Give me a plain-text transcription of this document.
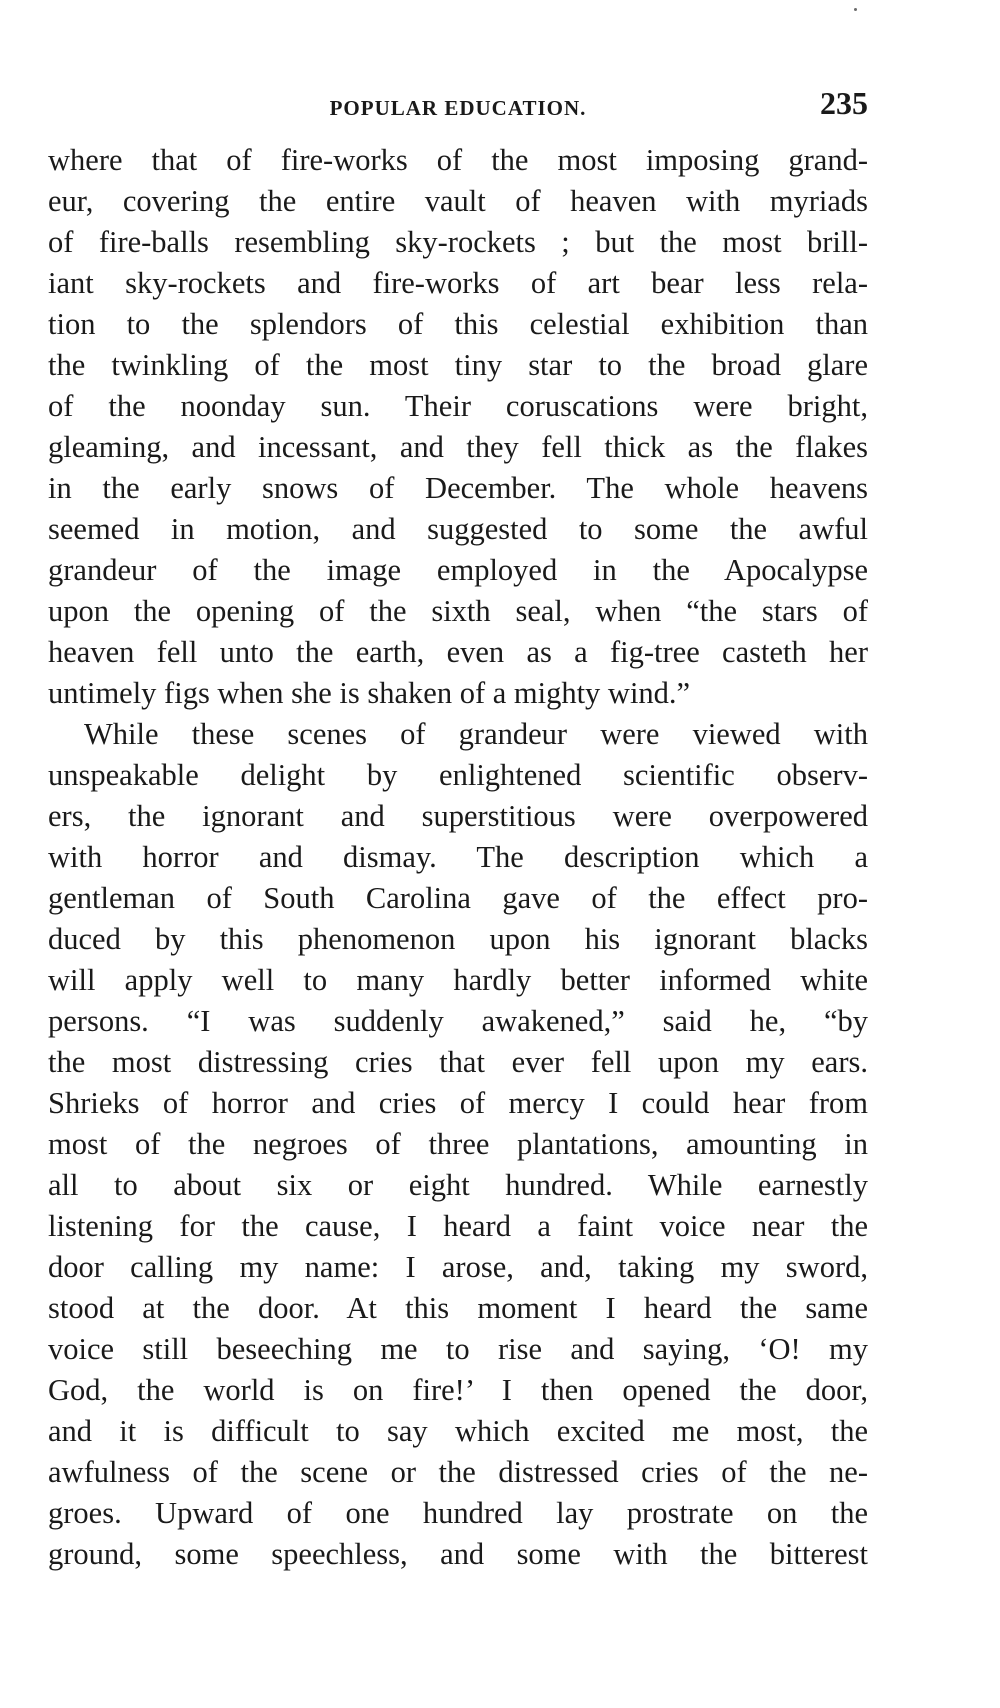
POPULAR EDUCATION.	235
where that of fire-works of the most imposing grand-
eur, covering the entire vault of heaven with myriads
of fire-balls resembling sky-rockets ; but the most brill-
iant sky-rockets and fire-works of art bear less rela-
tion to the splendors of this celestial exhibition than
the twinkling of the most tiny star to the broad glare
of the noonday sun. Their coruscations were bright,
gleaming, and incessant, and they fell thick as the flakes
in the early snows of December. The whole heavens
seemed in motion, and suggested to some the awful
grandeur of the image employed in the Apocalypse
upon the opening of the sixth seal, when “the stars of
heaven fell unto the earth, even as a fig-tree casteth her
untimely figs when she is shaken of a mighty wind.”
While these scenes of grandeur were viewed with
unspeakable delight by enlightened scientific observ-
ers, the ignorant and superstitious were overpowered
with horror and dismay. The description which a
gentleman of South Carolina gave of the effect pro-
duced by this phenomenon upon his ignorant blacks
will apply well to many hardly better informed white
persons. “I was suddenly awakened,” said he, “by
the most distressing cries that ever fell upon my ears.
Shrieks of horror and cries of mercy I could hear from
most of the negroes of three plantations, amounting in
all to about six or eight hundred. While earnestly
listening for the cause, I heard a faint voice near the
door calling my name: I arose, and, taking my sword,
stood at the door. At this moment I heard the same
voice still beseeching me to rise and saying, ‘O! my
God, the world is on fire!’ I then opened the door,
and it is difficult to say which excited me most, the
awfulness of the scene or the distressed cries of the ne-
groes. Upward of one hundred lay prostrate on the
ground, some speechless, and some with the bitterest
